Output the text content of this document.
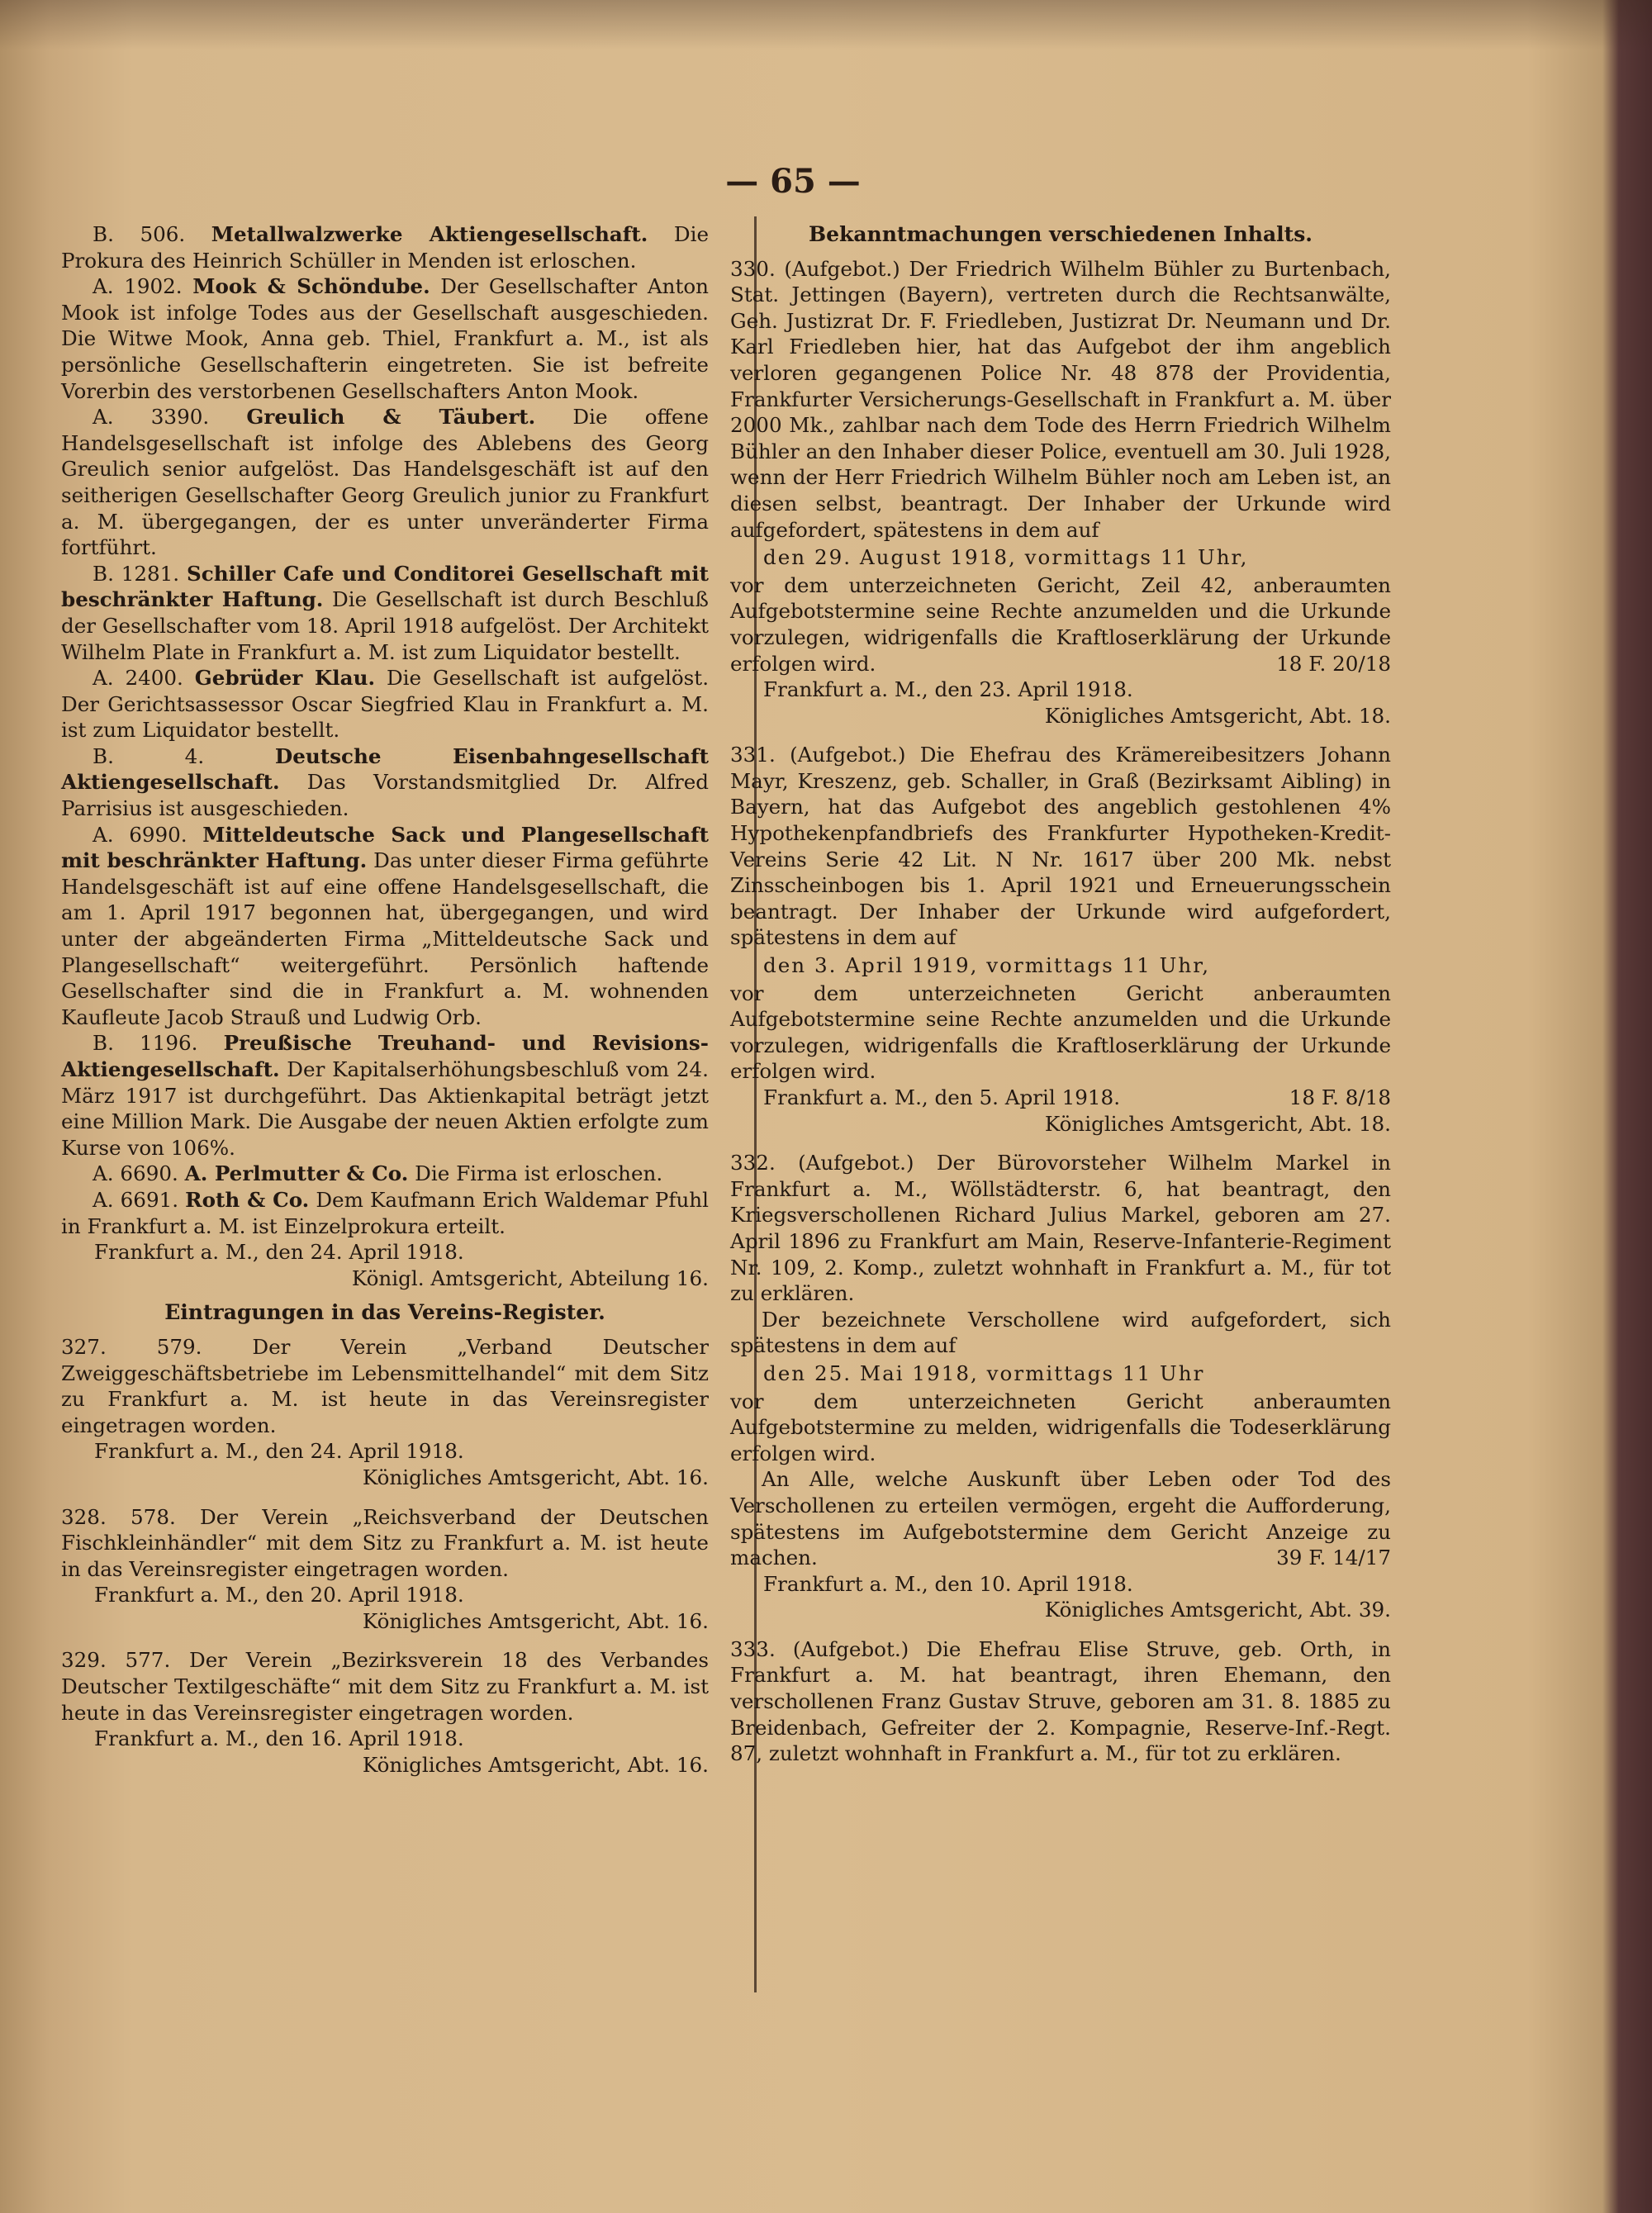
— 65 —

B. 506. Metallwalzwerke Aktiengesellschaft. Die Prokura des Heinrich Schüller in Menden ist erloschen.

A. 1902. Mook & Schöndube. Der Gesellschafter Anton Mook ist infolge Todes aus der Gesellschaft ausgeschieden. Die Witwe Mook, Anna geb. Thiel, Frankfurt a. M., ist als persönliche Gesellschafterin eingetreten. Sie ist befreite Vorerbin des verstorbenen Gesellschafters Anton Mook.

A. 3390. Greulich & Täubert. Die offene Handelsgesellschaft ist infolge des Ablebens des Georg Greulich senior aufgelöst. Das Handelsgeschäft ist auf den seitherigen Gesellschafter Georg Greulich junior zu Frankfurt a. M. übergegangen, der es unter unveränderter Firma fortführt.

B. 1281. Schiller Cafe und Conditorei Gesellschaft mit beschränkter Haftung. Die Gesellschaft ist durch Beschluß der Gesellschafter vom 18. April 1918 aufgelöst. Der Architekt Wilhelm Plate in Frankfurt a. M. ist zum Liquidator bestellt.

A. 2400. Gebrüder Klau. Die Gesellschaft ist aufgelöst. Der Gerichtsassessor Oscar Siegfried Klau in Frankfurt a. M. ist zum Liquidator bestellt.

B. 4.	Deutsche Eisenbahngesellschaft Aktiengesellschaft. Das Vorstandsmitglied Dr. Alfred Parrisius ist ausgeschieden.

A. 6990. Mitteldeutsche Sack und Plangesellschaft mit beschränkter Haftung. Das unter dieser Firma geführte Handelsgeschäft ist auf eine offene Handelsgesellschaft, die am 1. April 1917 begonnen hat, übergegangen, und wird unter der abgeänderten Firma „Mitteldeutsche Sack und Plangesellschaft“ weitergeführt. Persönlich haftende Gesellschafter sind die in Frankfurt a. M. wohnenden Kaufleute Jacob Strauß und Ludwig Orb.

B. 1196. Preußische Treuhand- und Revisions-Aktiengesellschaft. Der Kapitalserhöhungsbeschluß vom 24. März 1917 ist durchgeführt. Das Aktienkapital beträgt jetzt eine Million Mark. Die Ausgabe der neuen Aktien erfolgte zum Kurse von 106%.

A. 6690. A. Perlmutter & Co. Die Firma ist erloschen.

A. 6691. Roth & Co. Dem Kaufmann Erich Waldemar Pfuhl in Frankfurt a. M. ist Einzelprokura erteilt.

Frankfurt a. M., den 24. April 1918.

Königl. Amtsgericht, Abteilung 16.

Eintragungen in das Vereins-Register.

327. 579. Der Verein „Verband Deutscher Zweiggeschäftsbetriebe im Lebensmittelhandel“ mit dem Sitz zu Frankfurt a. M. ist heute in das Vereinsregister eingetragen worden.

Frankfurt a. M., den 24. April 1918.

Königliches Amtsgericht, Abt. 16.

328. 578. Der Verein „Reichsverband der Deutschen Fischkleinhändler“ mit dem Sitz zu Frankfurt a. M. ist heute in das Vereinsregister eingetragen worden.

Frankfurt a. M., den 20. April 1918.

Königliches Amtsgericht, Abt. 16.

329. 577. Der Verein „Bezirksverein 18 des Verbandes Deutscher Textilgeschäfte“ mit dem Sitz zu Frankfurt a. M. ist heute in das Vereinsregister eingetragen worden.

Frankfurt a. M., den 16. April 1918.

Königliches Amtsgericht, Abt. 16.

Bekanntmachungen verschiedenen Inhalts.

330. (Aufgebot.) Der Friedrich Wilhelm Bühler zu Burtenbach, Stat. Jettingen (Bayern), vertreten durch die Rechtsanwälte, Geh. Justizrat Dr. F. Friedleben, Justizrat Dr. Neumann und Dr. Karl Friedleben hier, hat das Aufgebot der ihm angeblich verloren gegangenen Police Nr. 48 878 der Providentia, Frankfurter Versicherungs-Gesellschaft in Frankfurt a. M. über 2000 Mk., zahlbar nach dem Tode des Herrn Friedrich Wilhelm Bühler an den Inhaber dieser Police, eventuell am 30. Juli 1928, wenn der Herr Friedrich Wilhelm Bühler noch am Leben ist, an diesen selbst, beantragt. Der Inhaber der Urkunde wird aufgefordert, spätestens in dem auf

den 29. August 1918, vormittags 11 Uhr,

vor dem unterzeichneten Gericht, Zeil 42, anberaumten Aufgebotstermine seine Rechte anzumelden und die Urkunde vorzulegen, widrigenfalls die Kraftloserklärung der Urkunde erfolgen wird.	18 F. 20/18

Frankfurt a. M., den 23. April 1918.

Königliches Amtsgericht, Abt. 18.

331. (Aufgebot.) Die Ehefrau des Krämereibesitzers Johann Mayr, Kreszenz, geb. Schaller, in Graß (Bezirksamt Aibling) in Bayern, hat das Aufgebot des angeblich gestohlenen 4% Hypothekenpfandbriefs des Frankfurter Hypotheken-Kredit-Vereins Serie 42 Lit. N Nr. 1617 über 200 Mk. nebst Zinsscheinbogen bis 1. April 1921 und Erneuerungsschein beantragt. Der Inhaber der Urkunde wird aufgefordert, spätestens in dem auf

den 3. April 1919, vormittags 11 Uhr,

vor dem unterzeichneten Gericht anberaumten Aufgebotstermine seine Rechte anzumelden und die Urkunde vorzulegen, widrigenfalls die Kraftloserklärung der Urkunde erfolgen wird.

Frankfurt a. M., den 5. April 1918.	18 F. 8/18

Königliches Amtsgericht, Abt. 18.

332. (Aufgebot.) Der Bürovorsteher Wilhelm Markel in Frankfurt a. M., Wöllstädterstr. 6, hat beantragt, den Kriegsverschollenen Richard Julius Markel, geboren am 27. April 1896 zu Frankfurt am Main, Reserve-Infanterie-Regiment Nr. 109, 2. Komp., zuletzt wohnhaft in Frankfurt a. M., für tot zu erklären.

Der bezeichnete Verschollene wird aufgefordert, sich spätestens in dem auf

den 25. Mai 1918, vormittags 11 Uhr

vor dem unterzeichneten Gericht anberaumten Aufgebotstermine zu melden, widrigenfalls die Todeserklärung erfolgen wird.

An Alle, welche Auskunft über Leben oder Tod des Verschollenen zu erteilen vermögen, ergeht die Aufforderung, spätestens im Aufgebotstermine dem Gericht Anzeige zu machen.	39 F. 14/17

Frankfurt a. M., den 10. April 1918.

Königliches Amtsgericht, Abt. 39.

333. (Aufgebot.) Die Ehefrau Elise Struve, geb. Orth, in Frankfurt a. M. hat beantragt, ihren Ehemann, den verschollenen Franz Gustav Struve, geboren am 31. 8. 1885 zu Breidenbach, Gefreiter der 2. Kompagnie, Reserve-Inf.-Regt. 87, zuletzt wohnhaft in Frankfurt a. M., für tot zu erklären.
